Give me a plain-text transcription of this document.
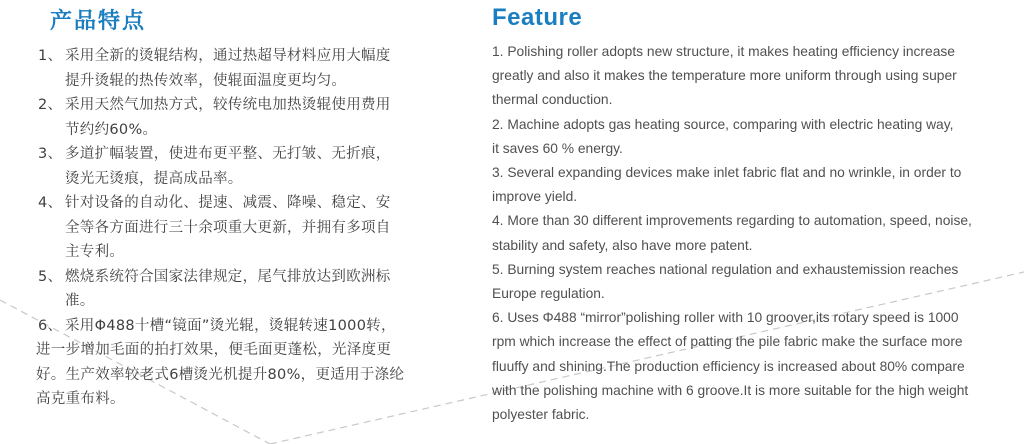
产品特点
1、 采用全新的烫辊结构，通过热超导材料应用大幅度
提升烫辊的热传效率，使辊面温度更均匀。
2、 采用天然气加热方式，较传统电加热烫辊使用费用
节约约60%。
3、 多道扩幅装置，使进布更平整、无打皱、无折痕，
烫光无烫痕，提高成品率。
4、 针对设备的自动化、提速、减震、降噪、稳定、安
全等各方面进行三十余项重大更新，并拥有多项自
主专利。
5、 燃烧系统符合国家法律规定，尾气排放达到欧洲标
准。
6、 采用Φ488十槽“镜面”烫光辊，烫辊转速1000转，
进一步增加毛面的拍打效果，便毛面更蓬松，光泽度更
好。生产效率较老式6槽烫光机提升80%，更适用于涤纶
高克重布料。
Feature
1. Polishing roller adopts new structure, it makes heating efficiency increase
greatly and also it makes the temperature more uniform through using super
thermal conduction.
2. Machine adopts gas heating source, comparing with electric heating way,
it saves 60 % energy.
3. Several expanding devices make inlet fabric flat and no wrinkle, in order to
improve yield.
4. More than 30 different improvements regarding to automation, speed, noise,
stability and safety, also have more patent.
5. Burning system reaches national regulation and exhaustemission reaches
Europe regulation.
6. Uses Φ488 “mirror”polishing roller with 10 groover,its rotary speed is 1000
rpm which increase the effect of patting the pile fabric make the surface more
fluuffy and shining.The production efficiency is increased about 80% compare
with the polishing machine with 6 groove.It is more suitable for the high weight
polyester fabric.
